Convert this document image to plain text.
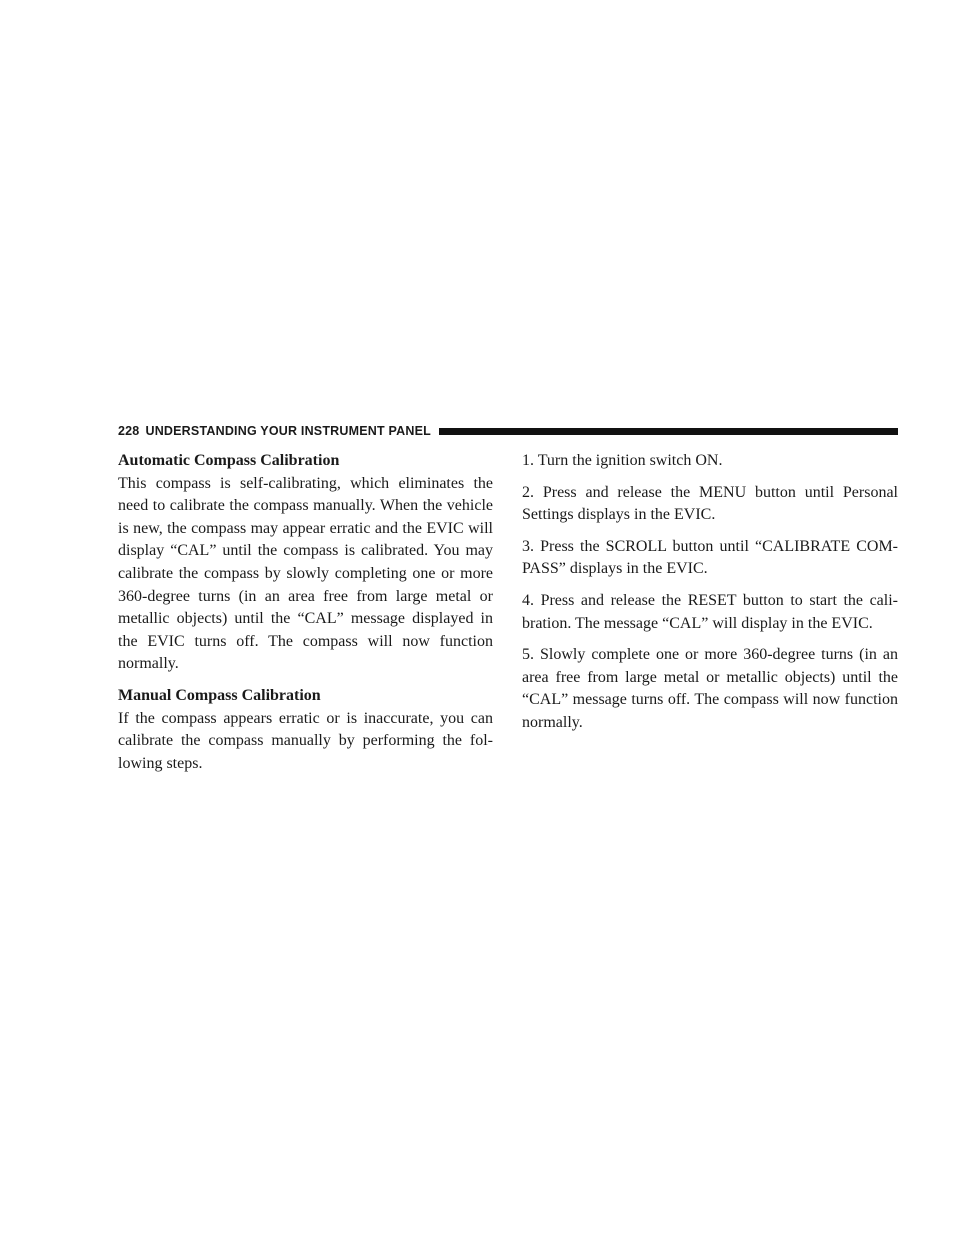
228 UNDERSTANDING YOUR INSTRUMENT PANEL

Automatic Compass Calibration

This compass is self-calibrating, which eliminates the need to calibrate the compass manually. When the vehicle is new, the compass may appear erratic and the EVIC will display “CAL” until the compass is calibrated. You may calibrate the compass by slowly completing one or more 360-degree turns (in an area free from large metal or metallic objects) until the “CAL” message displayed in the EVIC turns off. The compass will now function normally.

Manual Compass Calibration

If the compass appears erratic or is inaccurate, you can calibrate the compass manually by performing the following steps.

1. Turn the ignition switch ON.

2. Press and release the MENU button until Personal Settings displays in the EVIC.

3. Press the SCROLL button until “CALIBRATE COMPASS” displays in the EVIC.

4. Press and release the RESET button to start the calibration. The message “CAL” will display in the EVIC.

5. Slowly complete one or more 360-degree turns (in an area free from large metal or metallic objects) until the “CAL” message turns off. The compass will now function normally.
